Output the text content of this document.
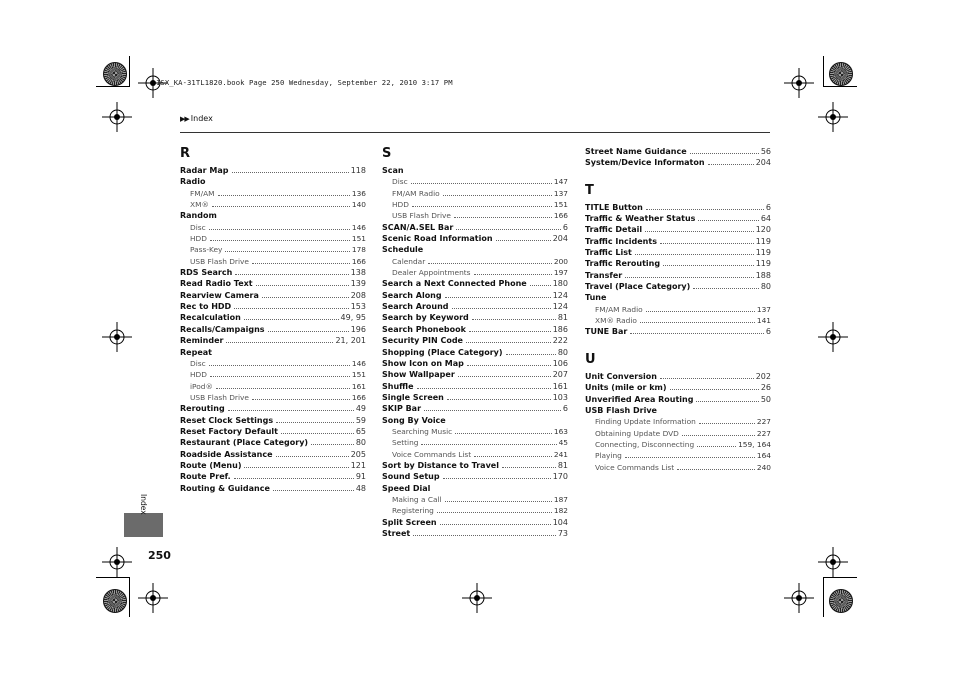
1SX_KA-31TL1820.book Page 250 Wednesday, September 22, 2010 3:17 PM
▶▶ Index
R
Radar Map	118
Radio
FM/AM	136
XM®	140
Random
Disc	146
HDD	151
Pass-Key	178
USB Flash Drive	166
RDS Search	138
Read Radio Text	139
Rearview Camera	208
Rec to HDD	153
Recalculation	49, 95
Recalls/Campaigns	196
Reminder	21, 201
Repeat
Disc	146
HDD	151
iPod®	161
USB Flash Drive	166
Rerouting	49
Reset Clock Settings	59
Reset Factory Default	65
Restaurant (Place Category)	80
Roadside Assistance	205
Route (Menu)	121
Route Pref.	91
Routing & Guidance	48
S
Scan
Disc	147
FM/AM Radio	137
HDD	151
USB Flash Drive	166
SCAN/A.SEL Bar	6
Scenic Road Information	204
Schedule
Calendar	200
Dealer Appointments	197
Search a Next Connected Phone	180
Search Along	124
Search Around	124
Search by Keyword	81
Search Phonebook	186
Security PIN Code	222
Shopping (Place Category)	80
Show Icon on Map	106
Show Wallpaper	207
Shuffle	161
Single Screen	103
SKIP Bar	6
Song By Voice
Searching Music	163
Setting	45
Voice Commands List	241
Sort by Distance to Travel	81
Sound Setup	170
Speed Dial
Making a Call	187
Registering	182
Split Screen	104
Street	73
Street Name Guidance	56
System/Device Informaton	204
T
TITLE Button	6
Traffic & Weather Status	64
Traffic Detail	120
Traffic Incidents	119
Traffic List	119
Traffic Rerouting	119
Transfer	188
Travel (Place Category)	80
Tune
FM/AM Radio	137
XM® Radio	141
TUNE Bar	6
U
Unit Conversion	202
Units (mile or km)	26
Unverified Area Routing	50
USB Flash Drive
Finding Update Information	227
Obtaining Update DVD	227
Connecting, Disconnecting	159, 164
Playing	164
Voice Commands List	240
Index
250
